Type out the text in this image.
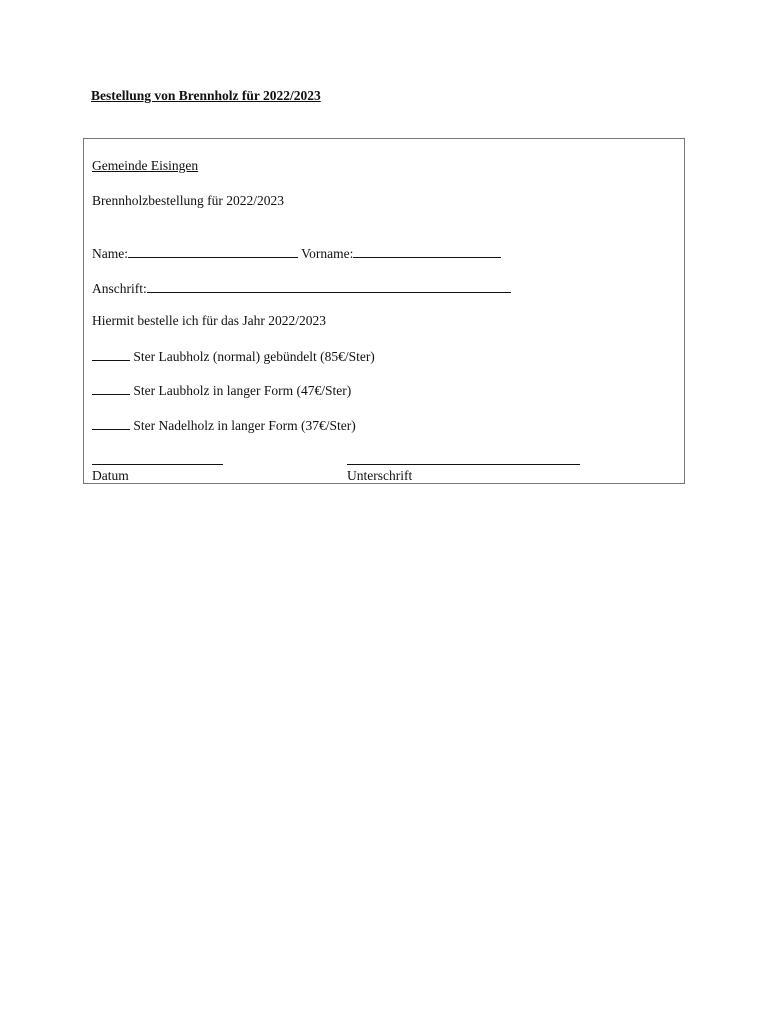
Bestellung von Brennholz für 2022/2023
Gemeinde Eisingen
Brennholzbestellung für 2022/2023
Name:	Vorname:
Anschrift:
Hiermit bestelle ich für das Jahr 2022/2023
Ster Laubholz (normal) gebündelt (85€/Ster)
Ster Laubholz in langer Form (47€/Ster)
Ster Nadelholz in langer Form (37€/Ster)
Datum	Unterschrift
